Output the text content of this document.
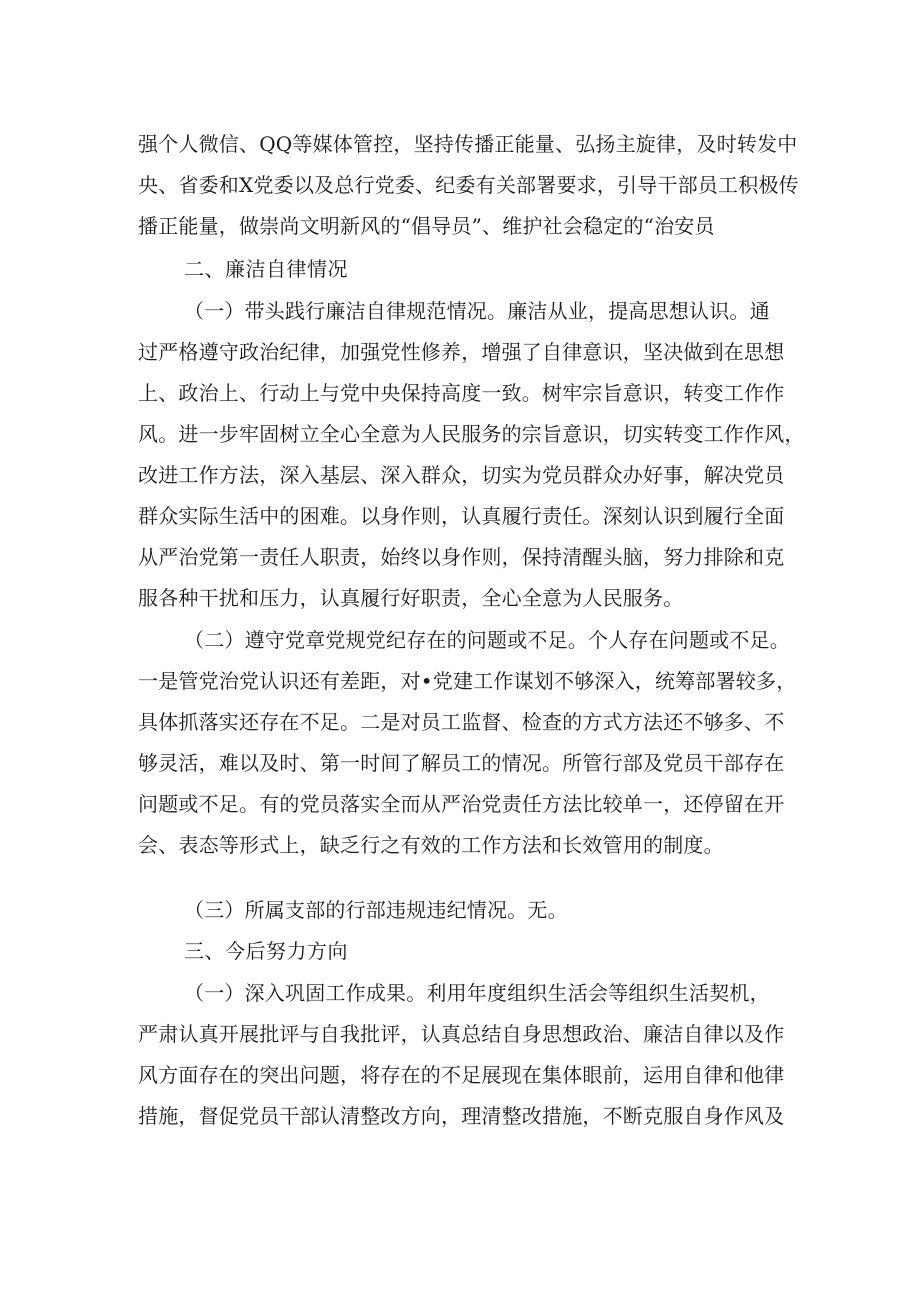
强个人微信、QQ等媒体管控，坚持传播正能量、弘扬主旋律，及时转发中
央、省委和X党委以及总行党委、纪委有关部署要求，引导干部员工积极传
播正能量，做崇尚文明新风的“倡导员”、维护社会稳定的“治安员
二、廉洁自律情况
（一）带头践行廉洁自律规范情况。廉洁从业，提高思想认识。通
过严格遵守政治纪律，加强党性修养，增强了自律意识，坚决做到在思想
上、政治上、行动上与党中央保持高度一致。树牢宗旨意识，转变工作作
风。进一步牢固树立全心全意为人民服务的宗旨意识，切实转变工作作风，
改进工作方法，深入基层、深入群众，切实为党员群众办好事，解决党员
群众实际生活中的困难。以身作则，认真履行责任。深刻认识到履行全面
从严治党第一责任人职责，始终以身作则，保持清醒头脑，努力排除和克
服各种干扰和压力，认真履行好职责，全心全意为人民服务。
（二）遵守党章党规党纪存在的问题或不足。个人存在问题或不足。
一是管党治党认识还有差距，对•党建工作谋划不够深入，统筹部署较多，
具体抓落实还存在不足。二是对员工监督、检查的方式方法还不够多、不
够灵活，难以及时、第一时间了解员工的情况。所管行部及党员干部存在
问题或不足。有的党员落实全而从严治党责任方法比较单一，还停留在开
会、表态等形式上，缺乏行之有效的工作方法和长效管用的制度。
（三）所属支部的行部违规违纪情况。无。
三、今后努力方向
（一）深入巩固工作成果。利用年度组织生活会等组织生活契机，
严肃认真开展批评与自我批评，认真总结自身思想政治、廉洁自律以及作
风方面存在的突出问题，将存在的不足展现在集体眼前，运用自律和他律
措施，督促党员干部认清整改方向，理清整改措施，不断克服自身作风及
